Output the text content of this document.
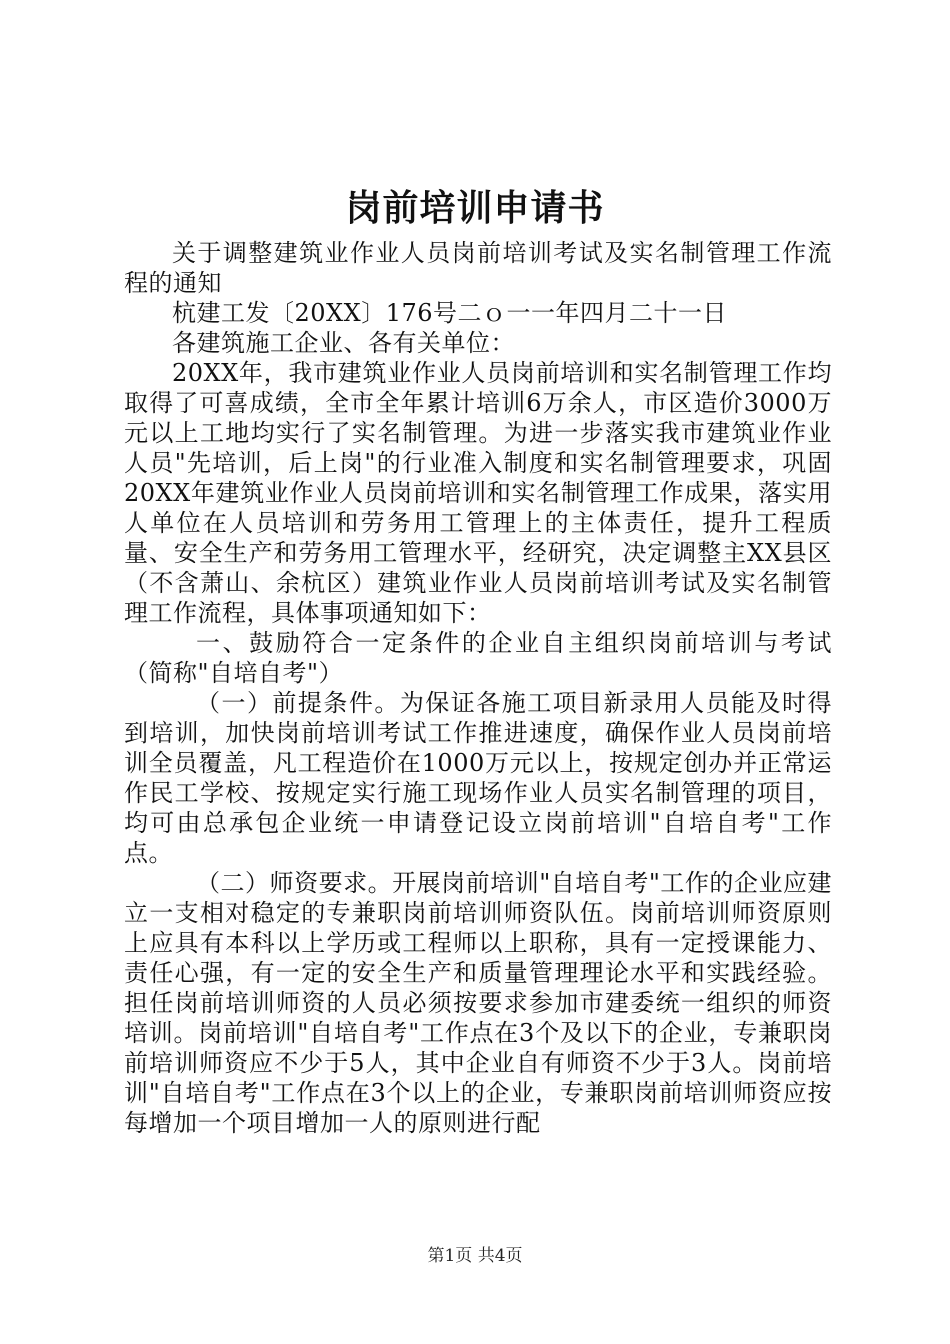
岗前培训申请书

关于调整建筑业作业人员岗前培训考试及实名制管理工作流程的通知

杭建工发〔20XX〕176号二ｏ一一年四月二十一日

各建筑施工企业、各有关单位：

20XX年，我市建筑业作业人员岗前培训和实名制管理工作均取得了可喜成绩，全市全年累计培训6万余人，市区造价3000万元以上工地均实行了实名制管理。为进一步落实我市建筑业作业人员"先培训，后上岗"的行业准入制度和实名制管理要求，巩固20XX年建筑业作业人员岗前培训和实名制管理工作成果，落实用人单位在人员培训和劳务用工管理上的主体责任，提升工程质量、安全生产和劳务用工管理水平，经研究，决定调整主XX县区（不含萧山、余杭区）建筑业作业人员岗前培训考试及实名制管理工作流程，具体事项通知如下：

一、鼓励符合一定条件的企业自主组织岗前培训与考试（简称"自培自考"）

（一）前提条件。为保证各施工项目新录用人员能及时得到培训，加快岗前培训考试工作推进速度，确保作业人员岗前培训全员覆盖，凡工程造价在1000万元以上，按规定创办并正常运作民工学校、按规定实行施工现场作业人员实名制管理的项目，均可由总承包企业统一申请登记设立岗前培训"自培自考"工作点。

（二）师资要求。开展岗前培训"自培自考"工作的企业应建立一支相对稳定的专兼职岗前培训师资队伍。岗前培训师资原则上应具有本科以上学历或工程师以上职称，具有一定授课能力、责任心强，有一定的安全生产和质量管理理论水平和实践经验。担任岗前培训师资的人员必须按要求参加市建委统一组织的师资培训。岗前培训"自培自考"工作点在3个及以下的企业，专兼职岗前培训师资应不少于5人，其中企业自有师资不少于3人。岗前培训"自培自考"工作点在3个以上的企业，专兼职岗前培训师资应按每增加一个项目增加一人的原则进行配

第1页 共4页
